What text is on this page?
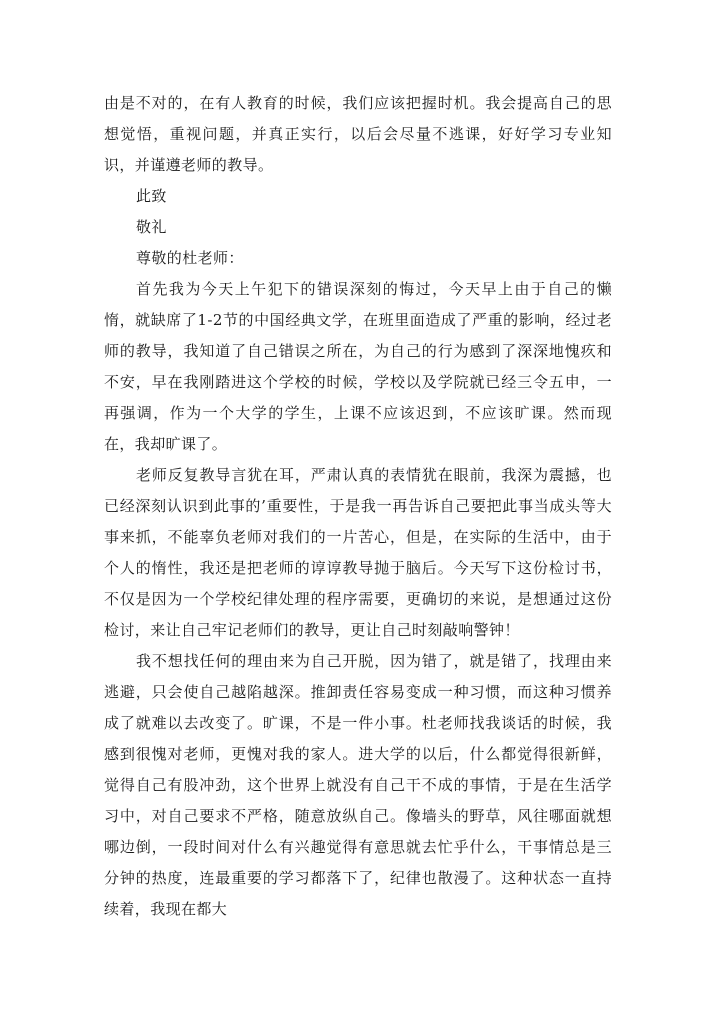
由是不对的，在有人教育的时候，我们应该把握时机。我会提高自己的思想觉悟，重视问题，并真正实行，以后会尽量不逃课，好好学习专业知识，并谨遵老师的教导。

此致

敬礼

尊敬的杜老师：

首先我为今天上午犯下的错误深刻的悔过，今天早上由于自己的懒惰，就缺席了1-2节的中国经典文学，在班里面造成了严重的影响，经过老师的教导，我知道了自己错误之所在，为自己的行为感到了深深地愧疚和不安，早在我刚踏进这个学校的时候，学校以及学院就已经三令五申，一再强调，作为一个大学的学生，上课不应该迟到，不应该旷课。然而现在，我却旷课了。

老师反复教导言犹在耳，严肃认真的表情犹在眼前，我深为震撼，也已经深刻认识到此事的’重要性，于是我一再告诉自己要把此事当成头等大事来抓，不能辜负老师对我们的一片苦心，但是，在实际的生活中，由于个人的惰性，我还是把老师的谆谆教导抛于脑后。今天写下这份检讨书，不仅是因为一个学校纪律处理的程序需要，更确切的来说，是想通过这份检讨，来让自己牢记老师们的教导，更让自己时刻敲响警钟！

我不想找任何的理由来为自己开脱，因为错了，就是错了，找理由来逃避，只会使自己越陷越深。推卸责任容易变成一种习惯，而这种习惯养成了就难以去改变了。旷课，不是一件小事。杜老师找我谈话的时候，我感到很愧对老师，更愧对我的家人。进大学的以后，什么都觉得很新鲜，觉得自己有股冲劲，这个世界上就没有自己干不成的事情，于是在生活学习中，对自己要求不严格，随意放纵自己。像墙头的野草，风往哪面就想哪边倒，一段时间对什么有兴趣觉得有意思就去忙乎什么，干事情总是三分钟的热度，连最重要的学习都落下了，纪律也散漫了。这种状态一直持续着，我现在都大
